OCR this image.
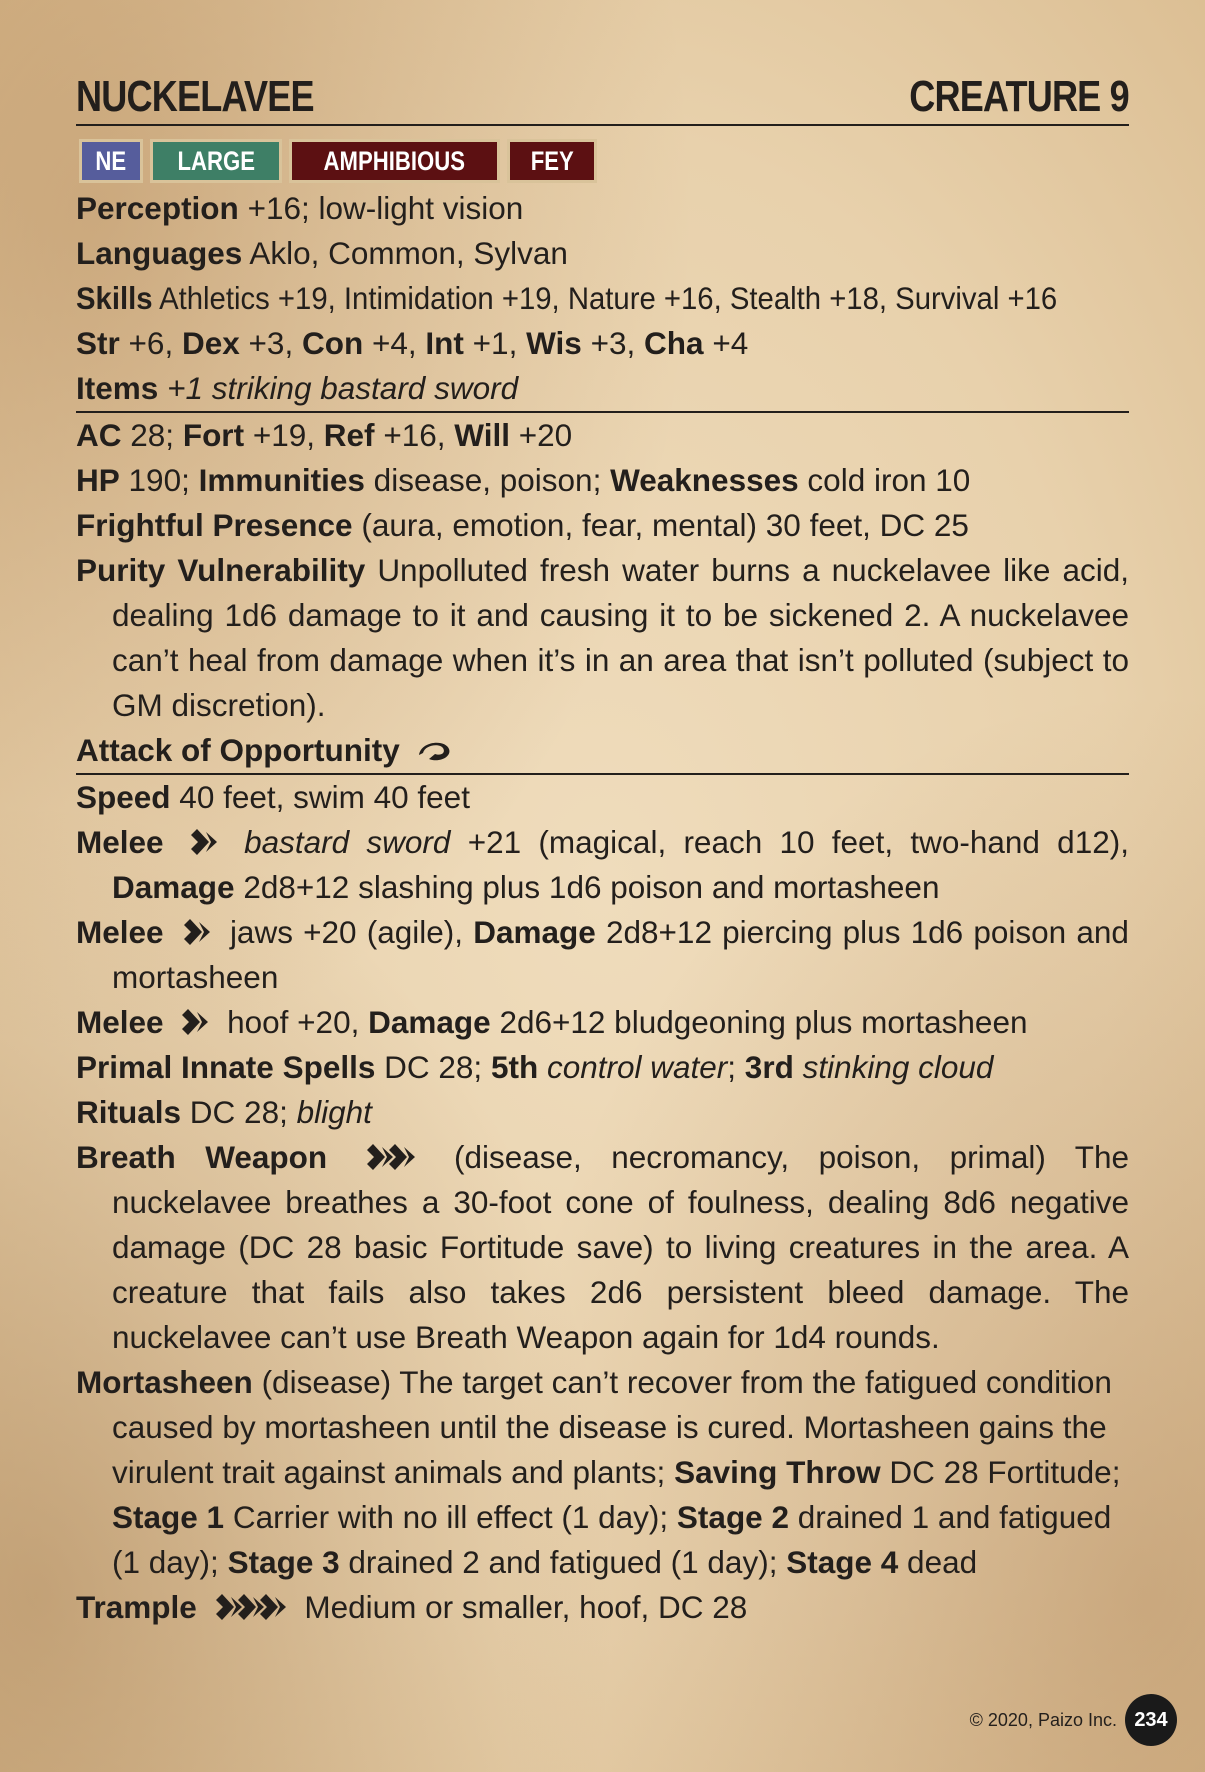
NUCKELAVEE	CREATURE 9
NE LARGE	AMPHIBIOUS FEY
Perception +16; low-light vision
Languages Aklo, Common, Sylvan
Skills Athletics +19, Intimidation +19, Nature +16, Stealth +18, Survival +16
Str +6, Dex +3, Con +4, Int +1, Wis +3, Cha +4
Items +1 striking bastard sword
AC 28; Fort +19, Ref +16, Will +20
HP 190; Immunities disease, poison; Weaknesses cold iron 10
Frightful Presence (aura, emotion, fear, mental) 30 feet, DC 25
Purity Vulnerability Unpolluted fresh water burns a nuckelavee like acid, dealing 1d6 damage to it and causing it to be sickened 2. A nuckelavee can’t heal from damage when it’s in an area that isn’t polluted (subject to GM discretion).
Attack of Opportunity
Speed 40 feet, swim 40 feet
Melee	bastard sword +21 (magical, reach 10 feet, two-hand d12), Damage 2d8+12 slashing plus 1d6 poison and mortasheen
Melee jaws +20 (agile), Damage 2d8+12 piercing plus 1d6 poison and mortasheen
Melee hoof +20, Damage 2d6+12 bludgeoning plus mortasheen
Primal Innate Spells DC 28; 5th control water; 3rd stinking cloud
Rituals DC 28; blight
Breath Weapon	(disease, necromancy, poison, primal) The nuckelavee breathes a 30-foot cone of foulness, dealing 8d6 negative damage (DC 28 basic Fortitude save) to living creatures in the area. A creature that fails also takes 2d6 persistent bleed damage. The nuckelavee can’t use Breath Weapon again for 1d4 rounds.
Mortasheen (disease) The target can’t recover from the fatigued condition caused by mortasheen until the disease is cured. Mortasheen gains the virulent trait against animals and plants; Saving Throw DC 28 Fortitude; Stage 1 Carrier with no ill effect (1 day); Stage 2 drained 1 and fatigued (1 day); Stage 3 drained 2 and fatigued (1 day); Stage 4 dead
Trample	Medium or smaller, hoof, DC 28
© 2020, Paizo Inc. 234
